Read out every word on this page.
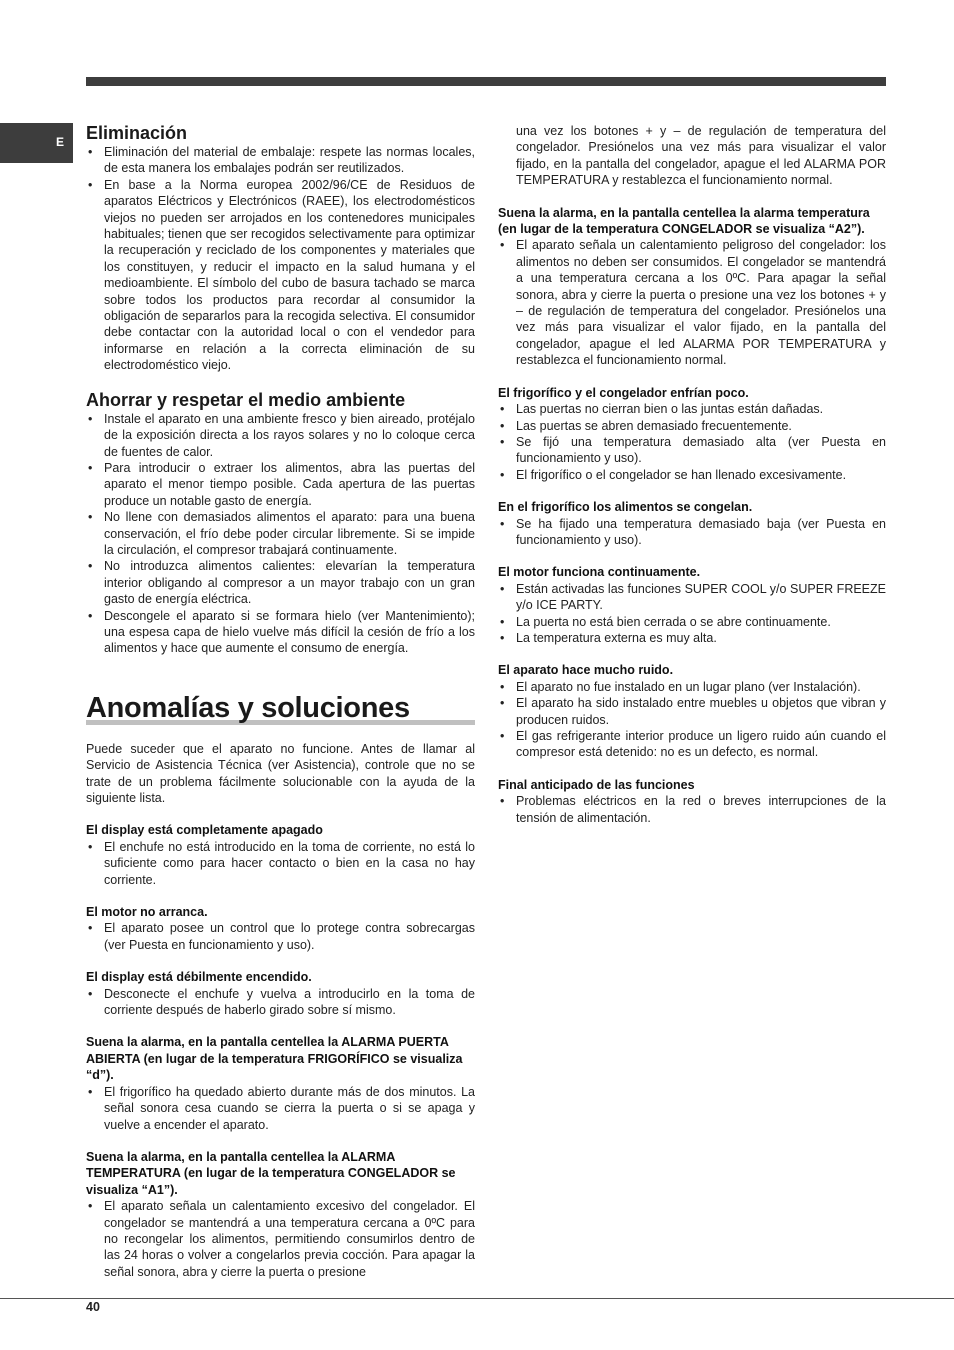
E Eliminación
• Eliminación del material de embalaje: respete las normas locales, de esta manera los embalajes podrán ser reutilizados.
• En base a la Norma europea 2002/96/CE de Residuos de aparatos Eléctricos y Electrónicos (RAEE), los electrodomésticos viejos no pueden ser arrojados en los contenedores municipales habituales; tienen que ser recogidos selectivamente para optimizar la recuperación y reciclado de los componentes y materiales que los constituyen, y reducir el impacto en la salud humana y el medioambiente. El símbolo del cubo de basura tachado se marca sobre todos los productos para recordar al consumidor la obligación de separarlos para la recogida selectiva. El consumidor debe contactar con la autoridad local o con el vendedor para informarse en relación a la correcta eliminación de su electrodoméstico viejo.
Ahorrar y respetar el medio ambiente
• Instale el aparato en una ambiente fresco y bien aireado, protéjalo de la exposición directa a los rayos solares y no lo coloque cerca de fuentes de calor.
• Para introducir o extraer los alimentos, abra las puertas del aparato el menor tiempo posible. Cada apertura de las puertas produce un notable gasto de energía.
• No llene con demasiados alimentos el aparato: para una buena conservación, el frío debe poder circular libremente. Si se impide la circulación, el compresor trabajará continuamente.
• No introduzca alimentos calientes: elevarían la temperatura interior obligando al compresor a un mayor trabajo con un gran gasto de energía eléctrica.
• Descongele el aparato si se formara hielo (ver Mantenimiento); una espesa capa de hielo vuelve más difícil la cesión de frío a los alimentos y hace que aumente el consumo de energía.
Anomalías y soluciones

Puede suceder que el aparato no funcione. Antes de llamar al Servicio de Asistencia Técnica (ver Asistencia), controle que no se trate de un problema fácilmente solucionable con la ayuda de la siguiente lista.

El display está completamente apagado
• El enchufe no está introducido en la toma de corriente, no está lo suficiente como para hacer contacto o bien en la casa no hay corriente.
El motor no arranca.
• El aparato posee un control que lo protege contra sobrecargas (ver Puesta en funcionamiento y uso).
El display está débilmente encendido.
• Desconecte el enchufe y vuelva a introducirlo en la toma de corriente después de haberlo girado sobre sí mismo.
Suena la alarma, en la pantalla centellea la ALARMA PUERTA ABIERTA (en lugar de la temperatura FRIGORÍFICO se visualiza “d”).
• El frigorífico ha quedado abierto durante más de dos minutos. La señal sonora cesa cuando se cierra la puerta o si se apaga y vuelve a encender el aparato.
Suena la alarma, en la pantalla centellea la ALARMA TEMPERATURA (en lugar de la temperatura CONGELADOR se visualiza “A1”).
• El aparato señala un calentamiento excesivo del congelador. El congelador se mantendrá a una temperatura cercana a 0ºC para no recongelar los alimentos, permitiendo consumirlos dentro de las 24 horas o volver a congelarlos previa cocción. Para apagar la señal sonora, abra y cierre la puerta o presione
una vez los botones + y – de regulación de temperatura del congelador. Presiónelos una vez más para visualizar el valor fijado, en la pantalla del congelador, apague el led ALARMA POR TEMPERATURA y restablezca el funcionamiento normal.
Suena la alarma, en la pantalla centellea la alarma temperatura (en lugar de la temperatura CONGELADOR se visualiza “A2”).
• El aparato señala un calentamiento peligroso del congelador: los alimentos no deben ser consumidos. El congelador se mantendrá a una temperatura cercana a los 0ºC. Para apagar la señal sonora, abra y cierre la puerta o presione una vez los botones + y – de regulación de temperatura del congelador. Presiónelos una vez más para visualizar el valor fijado, en la pantalla del congelador, apague el led ALARMA POR TEMPERATURA y restablezca el funcionamiento normal.
El frigorífico y el congelador enfrían poco.
• Las puertas no cierran bien o las juntas están dañadas.
• Las puertas se abren demasiado frecuentemente.
• Se fijó una temperatura demasiado alta (ver Puesta en funcionamiento y uso).
• El frigorífico o el congelador se han llenado excesivamente.
En el frigorífico los alimentos se congelan.
• Se ha fijado una temperatura demasiado baja (ver Puesta en funcionamiento y uso).
El motor funciona continuamente.
• Están activadas las funciones SUPER COOL y/o SUPER FREEZE y/o ICE PARTY.
• La puerta no está bien cerrada o se abre continuamente.
• La temperatura externa es muy alta.
El aparato hace mucho ruido.
• El aparato no fue instalado en un lugar plano (ver Instalación).
• El aparato ha sido instalado entre muebles u objetos que vibran y producen ruidos.
• El gas refrigerante interior produce un ligero ruido aún cuando el compresor está detenido: no es un defecto, es normal.
Final anticipado de las funciones
• Problemas eléctricos en la red o breves interrupciones de la tensión de alimentación.
40
